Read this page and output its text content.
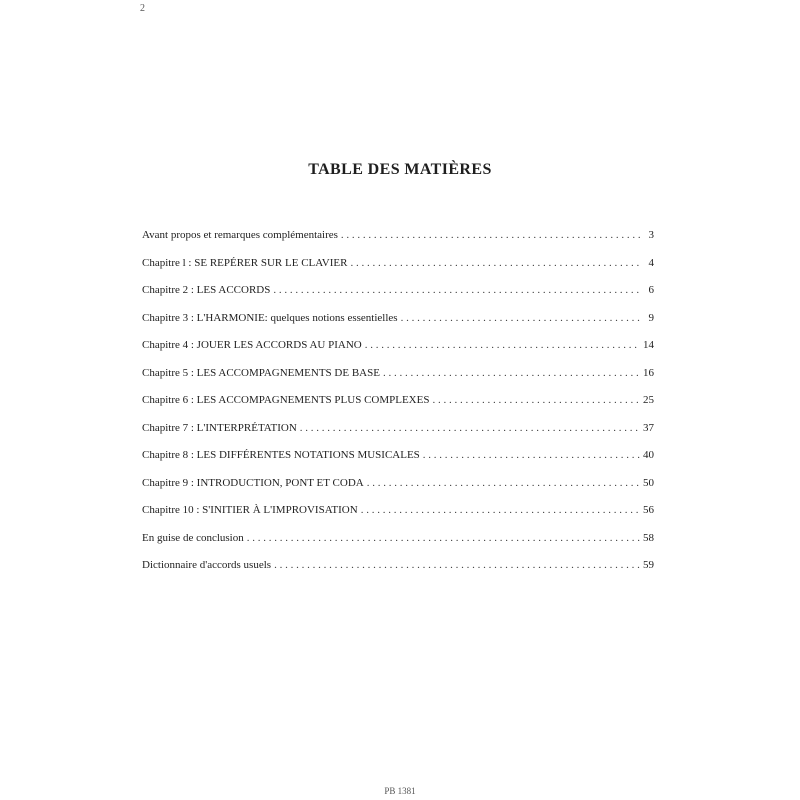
2
TABLE DES MATIÈRES
Avant propos et remarques complémentaires . . .	3
Chapitre l : SE REPÉRER SUR LE CLAVIER . . .	4
Chapitre 2 : LES ACCORDS . . .	6
Chapitre 3 : L'HARMONIE: quelques notions essentielles . . .	9
Chapitre 4 : JOUER LES ACCORDS AU PIANO . . .	14
Chapitre 5 : LES ACCOMPAGNEMENTS DE BASE . . .	16
Chapitre 6 : LES ACCOMPAGNEMENTS PLUS COMPLEXES . . .	25
Chapitre 7 : L'INTERPRÉTATION . . .	37
Chapitre 8 : LES DIFFÉRENTES NOTATIONS MUSICALES . . .	40
Chapitre 9 : INTRODUCTION, PONT ET CODA . . .	50
Chapitre 10 : S'INITIER À L'IMPROVISATION . . .	56
En guise de conclusion . . .	58
Dictionnaire d'accords usuels . . .	59
PB 1381
